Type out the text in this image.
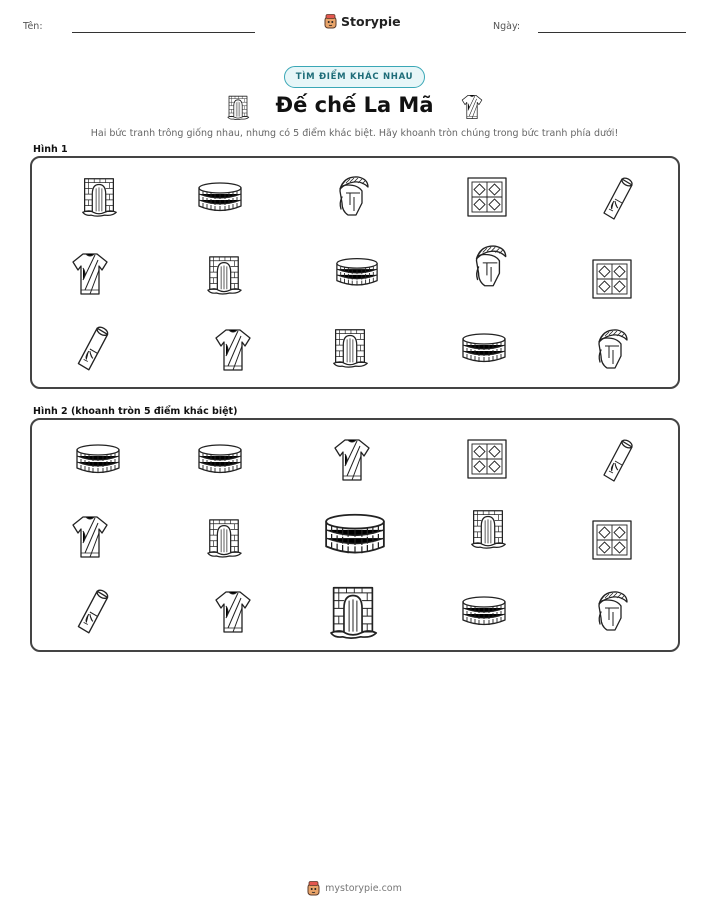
Tên:	Storypie	Ngày:
TÌM ĐIỂM KHÁC NHAU
Đế chế La Mã
Hai bức tranh trông giống nhau, nhưng có 5 điểm khác biệt. Hãy khoanh tròn chúng trong bức tranh phía dưới!
Hình 1
Hình 2 (khoanh tròn 5 điểm khác biệt)
mystorypie.com
